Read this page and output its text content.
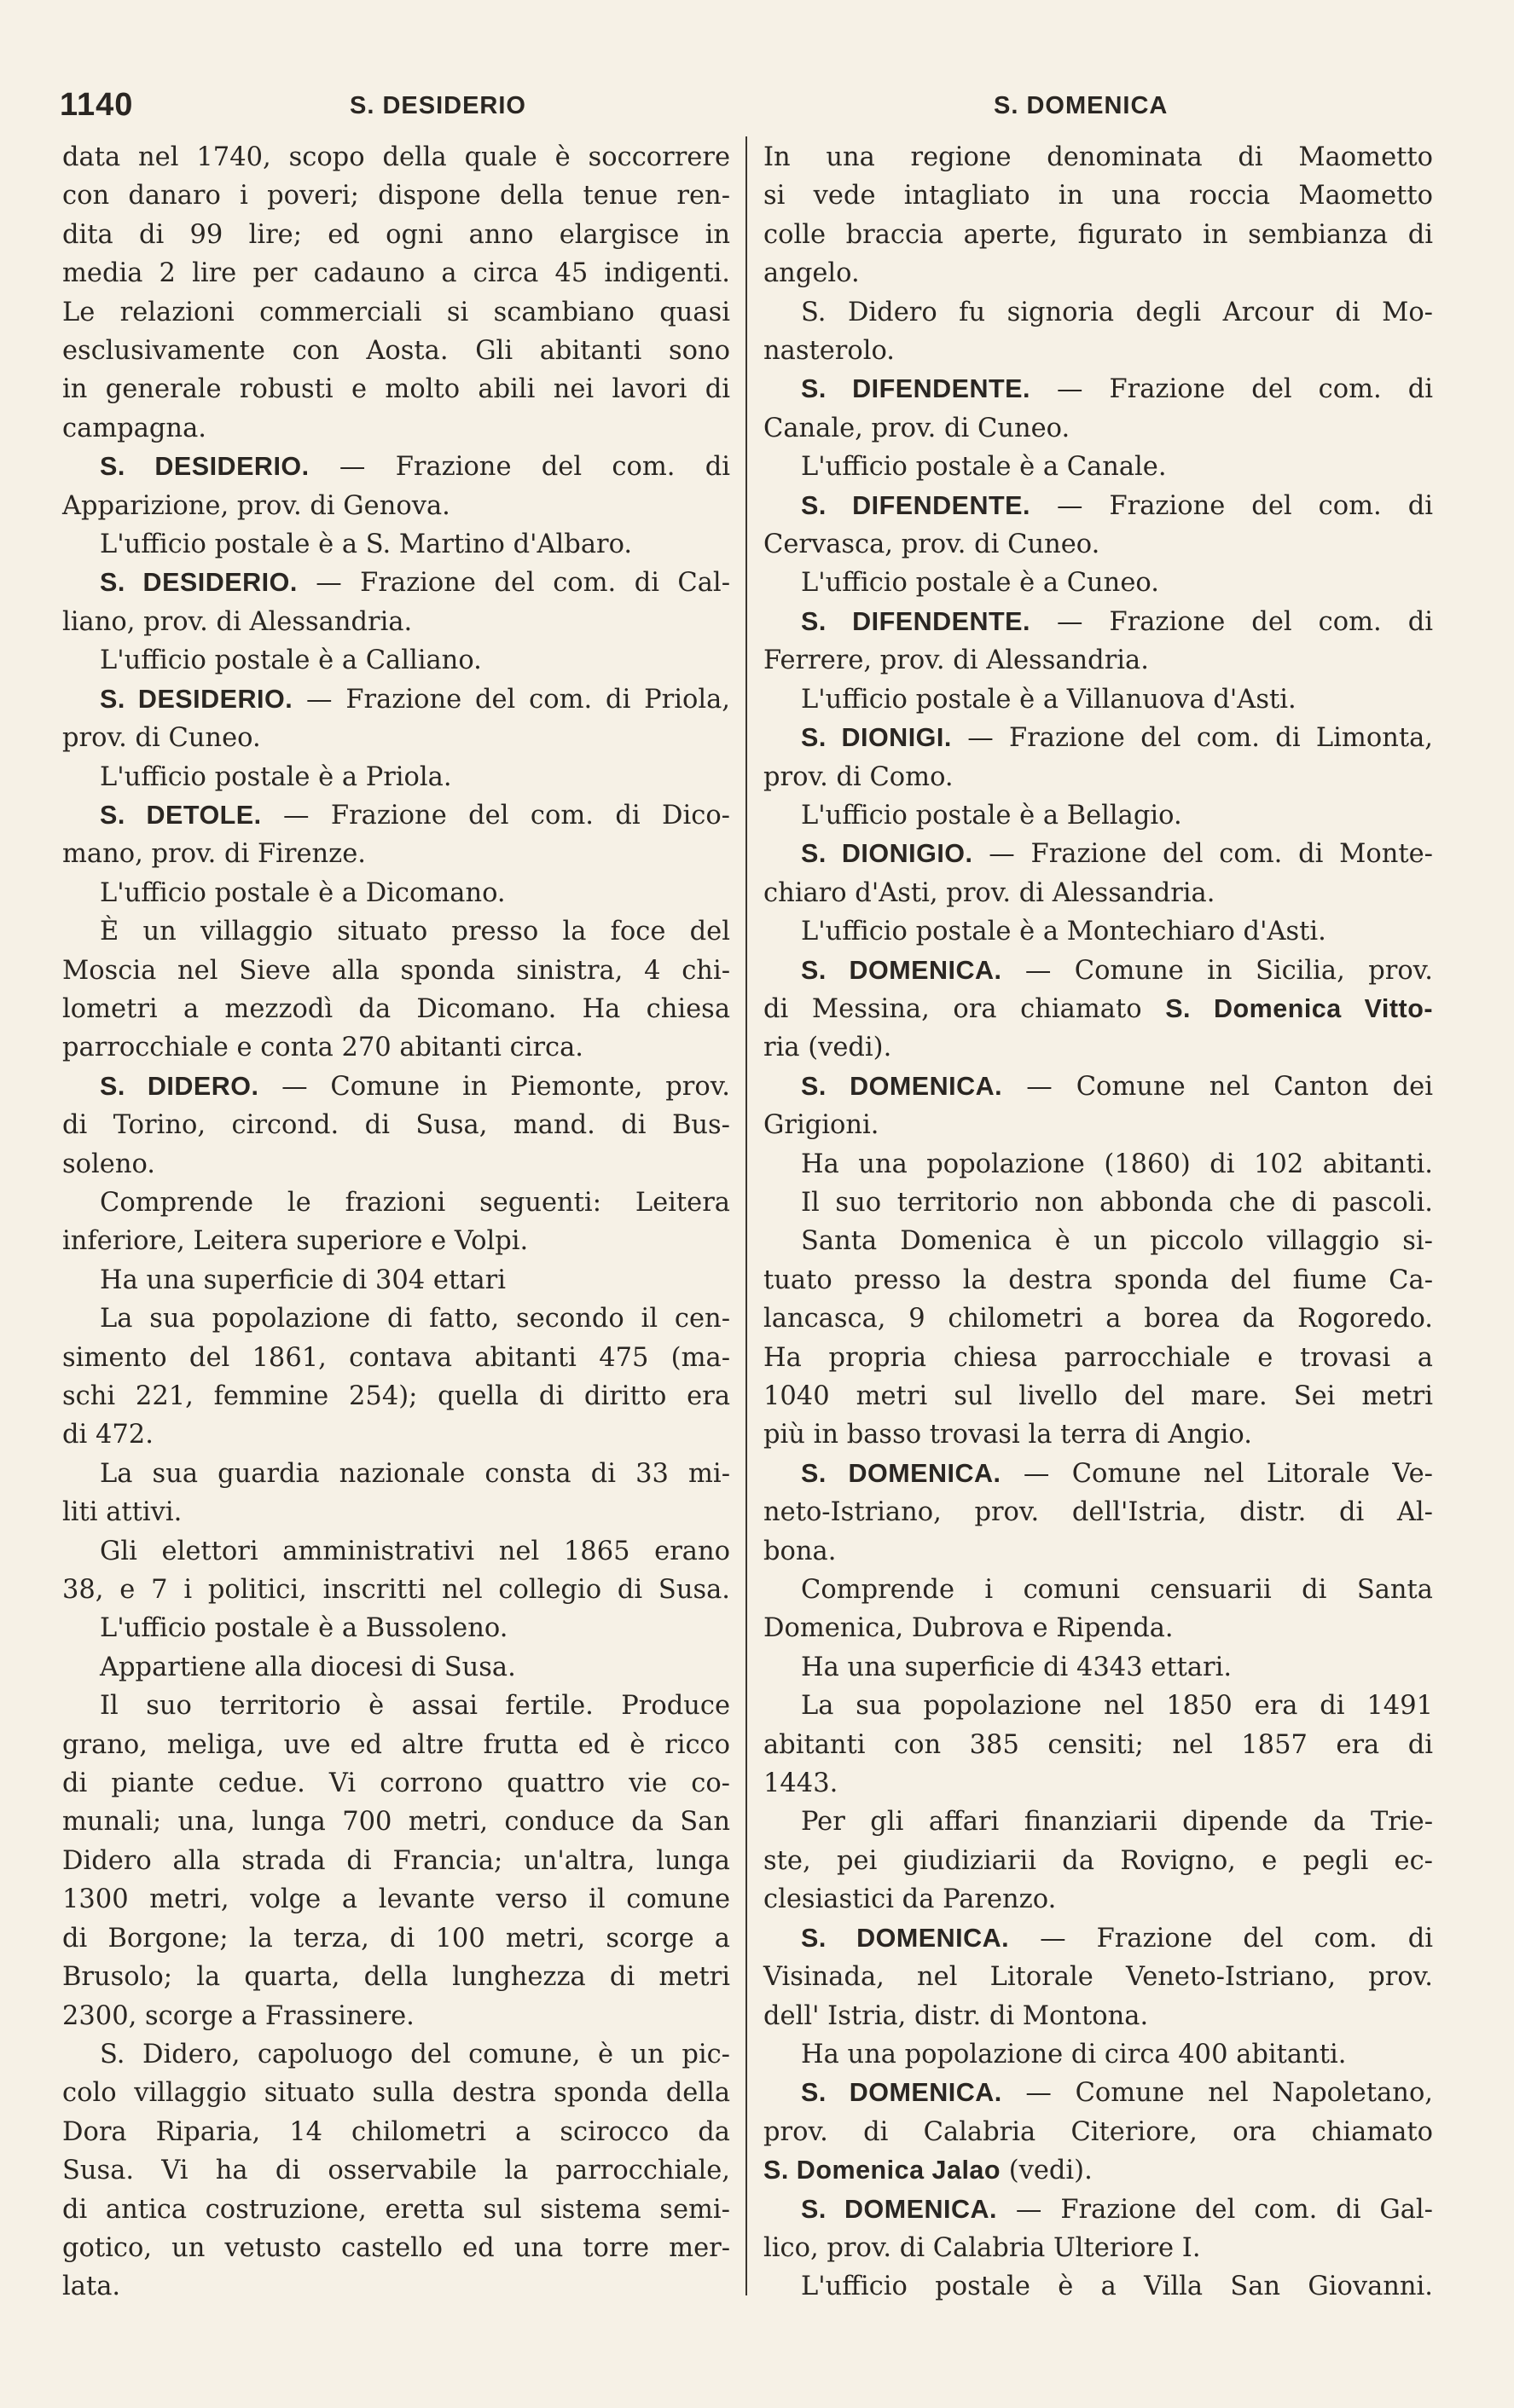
1140	S. DESIDERIO	S. DOMENICA

data nel 1740, scopo della quale è soccorrere

con danaro i poveri; dispone della tenue ren-

dita di 99 lire; ed ogni anno elargisce in

media 2 lire per cadauno a circa 45 indigenti.

Le relazioni commerciali si scambiano quasi

esclusivamente con Aosta. Gli abitanti sono

in generale robusti e molto abili nei lavori di

campagna.

S. DESIDERIO. — Frazione del com. di

Apparizione, prov. di Genova.

L'ufficio postale è a S. Martino d'Albaro.

S. DESIDERIO. — Frazione del com. di Cal-

liano, prov. di Alessandria.

L'ufficio postale è a Calliano.

S. DESIDERIO. — Frazione del com. di Priola,

prov. di Cuneo.

L'ufficio postale è a Priola.

S. DETOLE. — Frazione del com. di Dico-

mano, prov. di Firenze.

L'ufficio postale è a Dicomano.

È un villaggio situato presso la foce del

Moscia nel Sieve alla sponda sinistra, 4 chi-

lometri a mezzodì da Dicomano. Ha chiesa

parrocchiale e conta 270 abitanti circa.

S. DIDERO. — Comune in Piemonte, prov.

di Torino, circond. di Susa, mand. di Bus-

soleno.

Comprende le frazioni seguenti: Leitera

inferiore, Leitera superiore e Volpi.

Ha una superficie di 304 ettari

La sua popolazione di fatto, secondo il cen-

simento del 1861, contava abitanti 475 (ma-

schi 221, femmine 254); quella di diritto era

di 472.

La sua guardia nazionale consta di 33 mi-

liti attivi.

Gli elettori amministrativi nel 1865 erano

38, e 7 i politici, inscritti nel collegio di Susa.

L'ufficio postale è a Bussoleno.

Appartiene alla diocesi di Susa.

Il suo territorio è assai fertile. Produce

grano, meliga, uve ed altre frutta ed è ricco

di piante cedue. Vi corrono quattro vie co-

munali; una, lunga 700 metri, conduce da San

Didero alla strada di Francia; un'altra, lunga

1300 metri, volge a levante verso il comune

di Borgone; la terza, di 100 metri, scorge a

Brusolo; la quarta, della lunghezza di metri

2300, scorge a Frassinere.

S. Didero, capoluogo del comune, è un pic-

colo villaggio situato sulla destra sponda della

Dora Riparia, 14 chilometri a scirocco da

Susa. Vi ha di osservabile la parrocchiale,

di antica costruzione, eretta sul sistema semi-

gotico, un vetusto castello ed una torre mer-

lata.

In una regione denominata di Maometto

si vede intagliato in una roccia Maometto

colle braccia aperte, figurato in sembianza di

angelo.

S. Didero fu signoria degli Arcour di Mo-

nasterolo.

S. DIFENDENTE. — Frazione del com. di

Canale, prov. di Cuneo.

L'ufficio postale è a Canale.

S. DIFENDENTE. — Frazione del com. di

Cervasca, prov. di Cuneo.

L'ufficio postale è a Cuneo.

S. DIFENDENTE. — Frazione del com. di

Ferrere, prov. di Alessandria.

L'ufficio postale è a Villanuova d'Asti.

S. DIONIGI. — Frazione del com. di Limonta,

prov. di Como.

L'ufficio postale è a Bellagio.

S. DIONIGIO. — Frazione del com. di Monte-

chiaro d'Asti, prov. di Alessandria.

L'ufficio postale è a Montechiaro d'Asti.

S. DOMENICA. — Comune in Sicilia, prov.

di Messina, ora chiamato S. Domenica Vitto-

ria (vedi).

S. DOMENICA. — Comune nel Canton dei

Grigioni.

Ha una popolazione (1860) di 102 abitanti.

Il suo territorio non abbonda che di pascoli.

Santa Domenica è un piccolo villaggio si-

tuato presso la destra sponda del fiume Ca-

lancasca, 9 chilometri a borea da Rogoredo.

Ha propria chiesa parrocchiale e trovasi a

1040 metri sul livello del mare. Sei metri

più in basso trovasi la terra di Angio.

S. DOMENICA. — Comune nel Litorale Ve-

neto-Istriano, prov. dell'Istria, distr. di Al-

bona.

Comprende i comuni censuarii di Santa

Domenica, Dubrova e Ripenda.

Ha una superficie di 4343 ettari.

La sua popolazione nel 1850 era di 1491

abitanti con 385 censiti; nel 1857 era di

1443.

Per gli affari finanziarii dipende da Trie-

ste, pei giudiziarii da Rovigno, e pegli ec-

clesiastici da Parenzo.

S. DOMENICA. — Frazione del com. di

Visinada, nel Litorale Veneto-Istriano, prov.

dell' Istria, distr. di Montona.

Ha una popolazione di circa 400 abitanti.

S. DOMENICA. — Comune nel Napoletano,

prov. di Calabria Citeriore, ora chiamato

S. Domenica Jalao (vedi).

S. DOMENICA. — Frazione del com. di Gal-

lico, prov. di Calabria Ulteriore I.

L'ufficio postale è a Villa San Giovanni.
